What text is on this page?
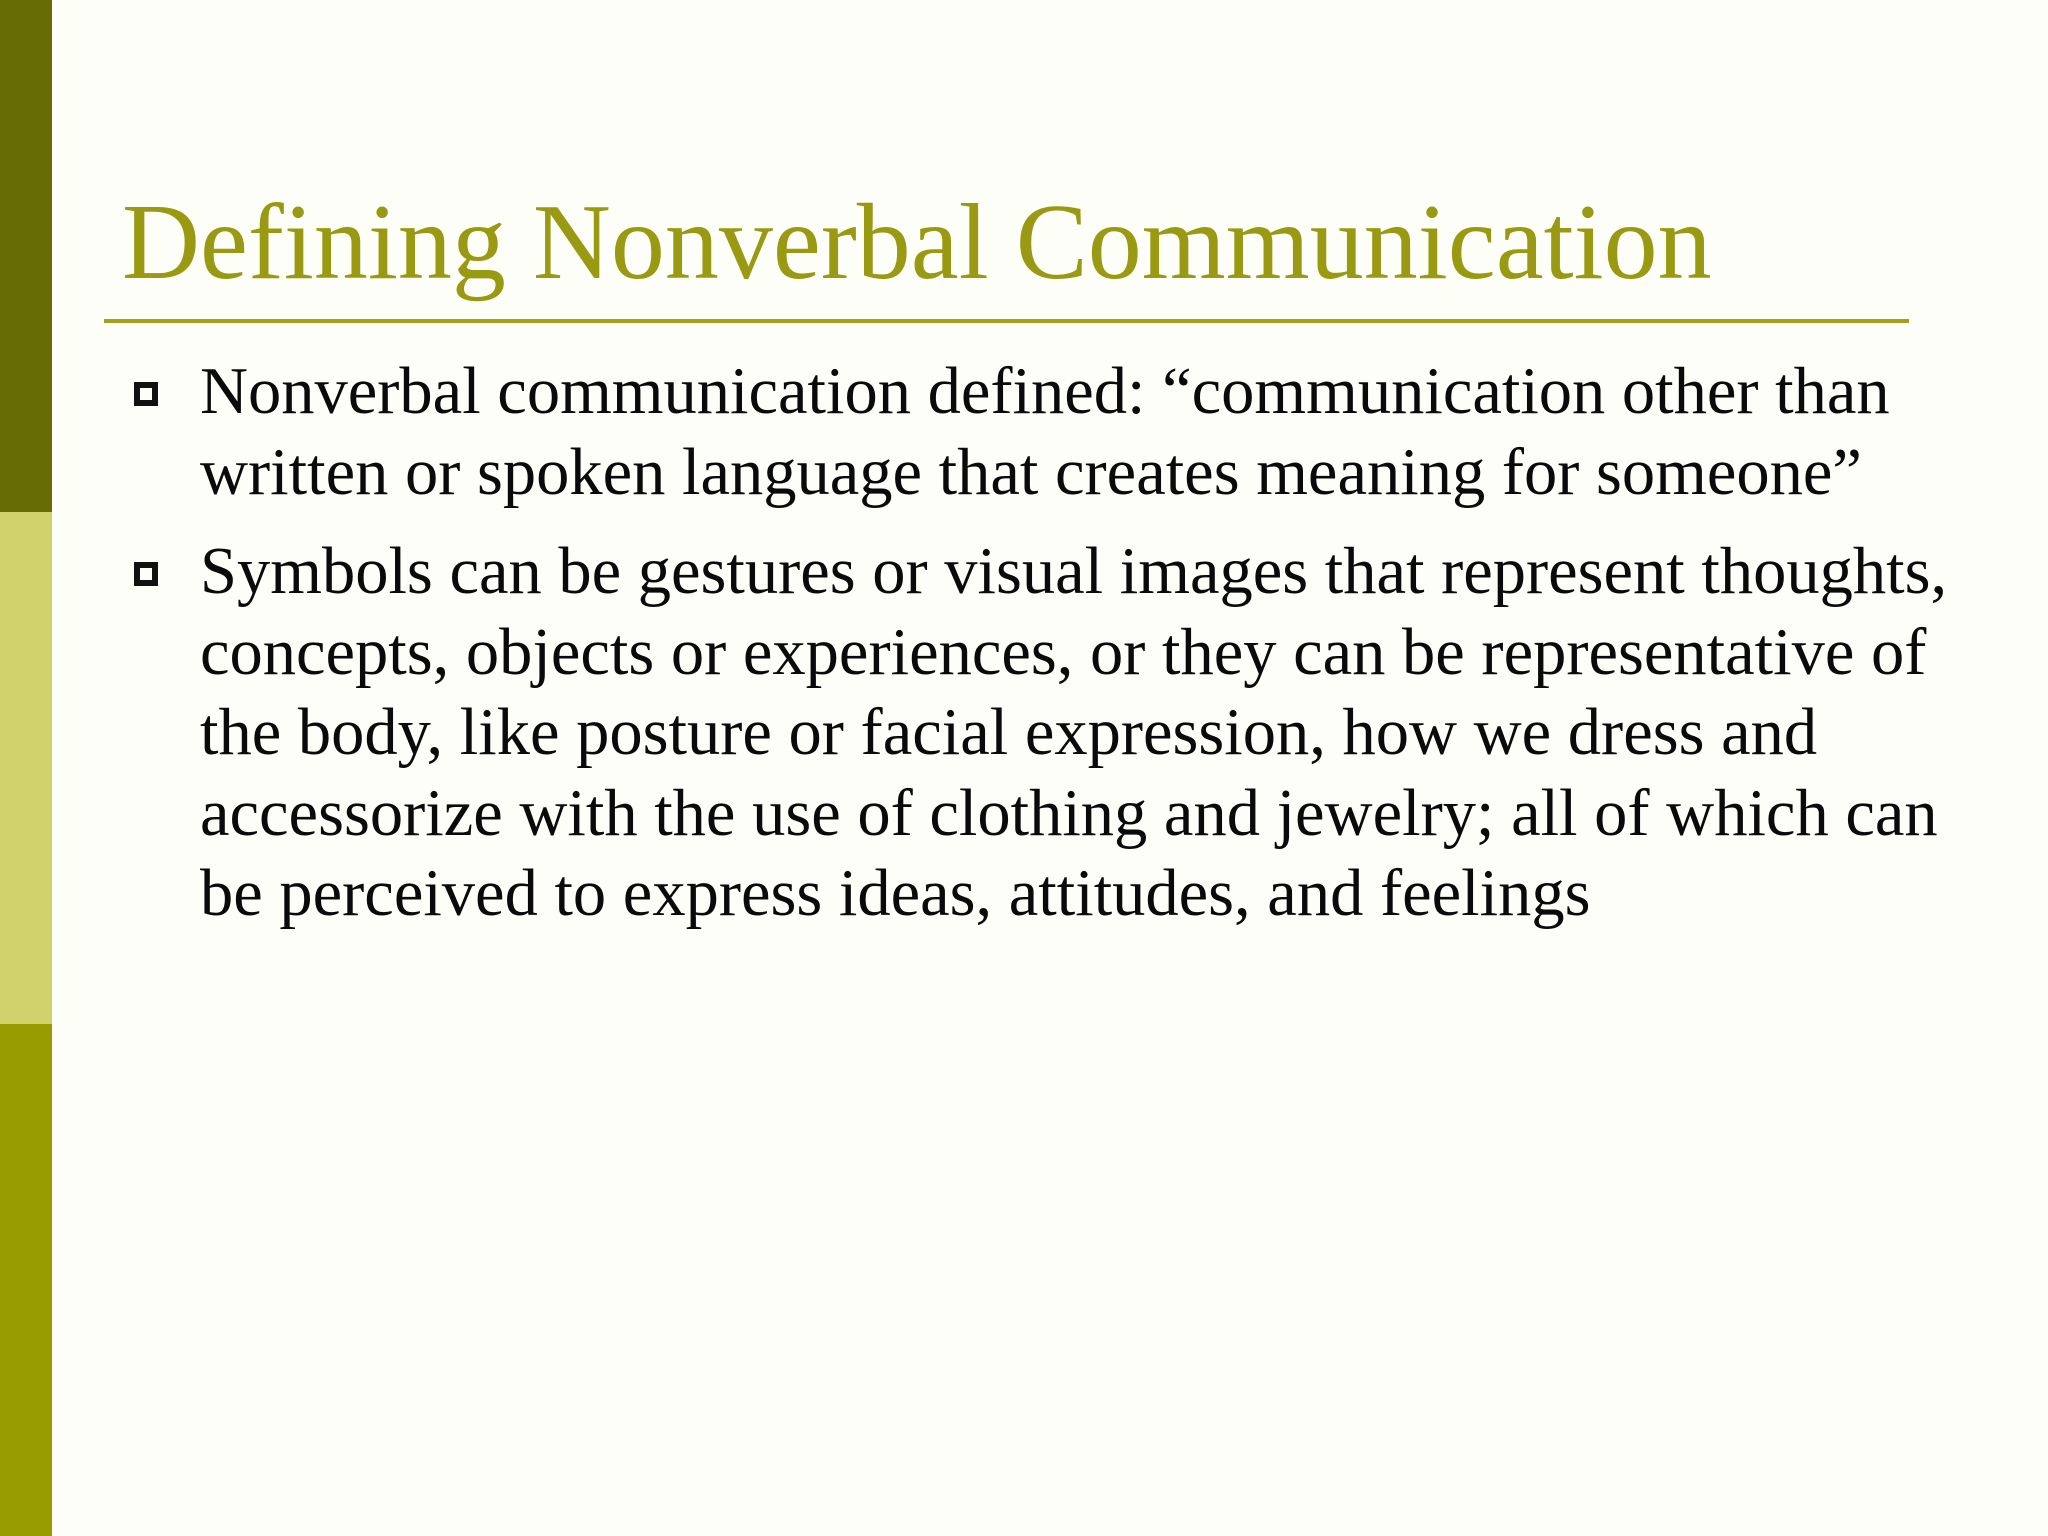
Defining Nonverbal Communication
Nonverbal communication defined: “communication other than written or spoken language that creates meaning for someone”
Symbols can be gestures or visual images that represent thoughts, concepts, objects or experiences, or they can be representative of the body, like posture or facial expression, how we dress and accessorize with the use of clothing and jewelry; all of which can be perceived to express ideas, attitudes, and feelings
